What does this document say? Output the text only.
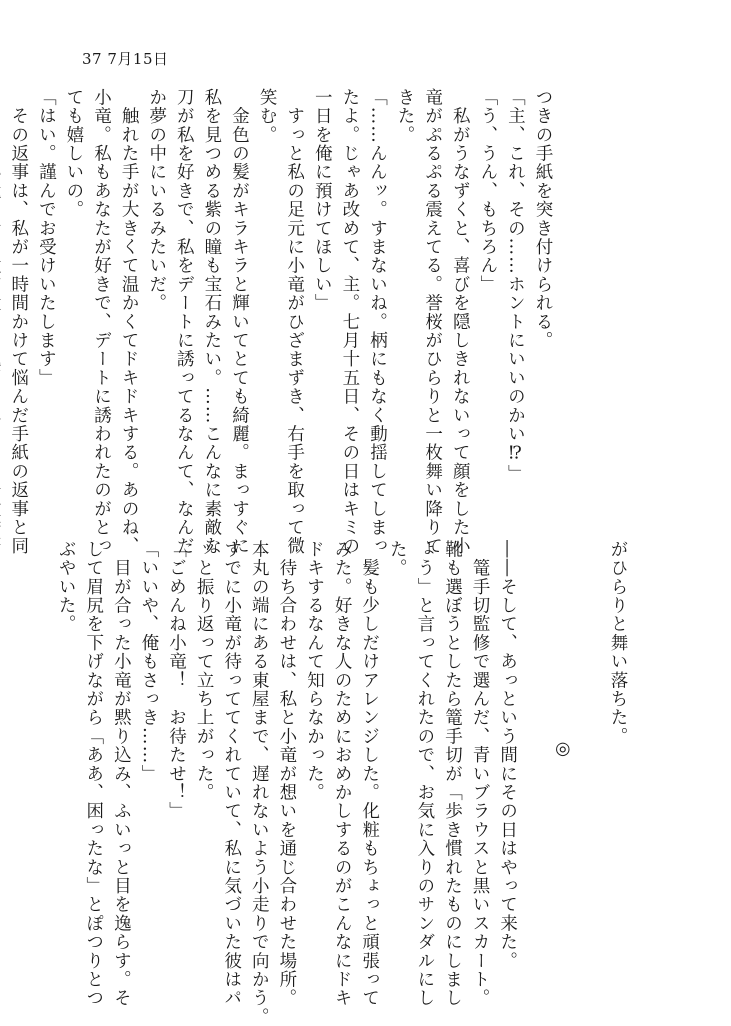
37 7月15日
つきの手紙を突き付けられる。
「主、これ、その……ホントにいいのかい⁉」
「う、うん、もちろん」
　私がうなずくと、喜びを隠しきれないって顔をした小
竜がぷるぷる震えてる。誉桜がひらりと一枚舞い降りて
きた。
「……んんッ。すまないね。柄にもなく動揺してしまっ
たよ。じゃあ改めて、主。七月十五日、その日はキミの
一日を俺に預けてほしい」
　すっと私の足元に小竜がひざまずき、右手を取って微
笑む。
　金色の髪がキラキラと輝いてとても綺麗。まっすぐに
私を見つめる紫の瞳も宝石みたい。……こんなに素敵な
刀が私を好きで、私をデートに誘ってるなんて、なんだ
か夢の中にいるみたいだ。
　触れた手が大きくて温かくてドキドキする。あのね、
小竜。私もあなたが好きで、デートに誘われたのがとっ
ても嬉しいの。
「はい。謹んでお受けいたします」
　その返事は、私が一時間かけて悩んだ手紙の返事と同
がひらりと舞い落ちた。

◎

――そして、あっという間にその日はやって来た。
　篭手切監修で選んだ、青いブラウスと黒いスカート。
靴も選ぼうとしたら篭手切が「歩き慣れたものにしまし
ょう」と言ってくれたので、お気に入りのサンダルにし
た。
　髪も少しだけアレンジした。化粧もちょっと頑張って
みた。好きな人のためにおめかしするのがこんなにドキ
ドキするなんて知らなかった。
　待ち合わせは、私と小竜が想いを通じ合わせた場所。
本丸の端にある東屋まで、遅れないよう小走りで向かう。
すでに小竜が待っててくれていて、私に気づいた彼はパ
ッと振り返って立ち上がった。
「ごめんね小竜！　お待たせ！」
「いいや、俺もさっき……」
　目が合った小竜が黙り込み、ふいっと目を逸らす。そ
して眉尻を下げながら「ああ、困ったな」とぽつりとつ
ぶやいた。
